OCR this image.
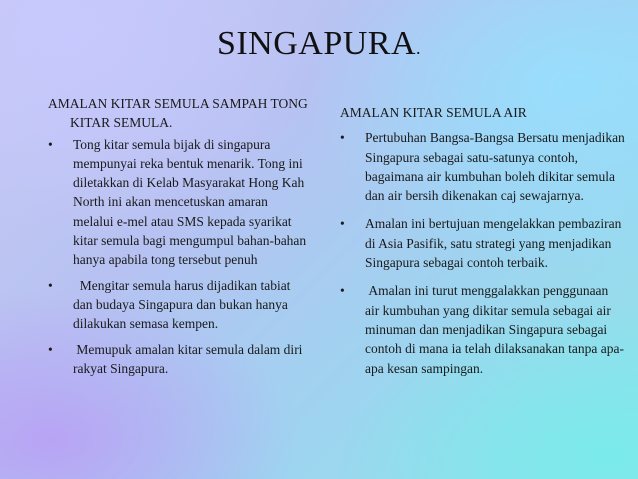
SINGAPURA.
AMALAN KITAR SEMULA SAMPAH TONG KITAR SEMULA.
• Tong kitar semula bijak di singapura mempunyai reka bentuk menarik. Tong ini diletakkan di Kelab Masyarakat Hong Kah North ini akan mencetuskan amaran melalui e-mel atau SMS kepada syarikat kitar semula bagi mengumpul bahan-bahan hanya apabila tong tersebut penuh
• Mengitar semula harus dijadikan tabiat dan budaya Singapura dan bukan hanya dilakukan semasa kempen.
• Memupuk amalan kitar semula dalam diri rakyat Singapura.
AMALAN KITAR SEMULA AIR
• Pertubuhan Bangsa-Bangsa Bersatu menjadikan Singapura sebagai satu-satunya contoh, bagaimana air kumbuhan boleh dikitar semula dan air bersih dikenakan caj sewajarnya.
• Amalan ini bertujuan mengelakkan pembaziran di Asia Pasifik, satu strategi yang menjadikan Singapura sebagai contoh terbaik.
• Amalan ini turut menggalakkan penggunaan air kumbuhan yang dikitar semula sebagai air minuman dan menjadikan Singapura sebagai contoh di mana ia telah dilaksanakan tanpa apa-apa kesan sampingan.
